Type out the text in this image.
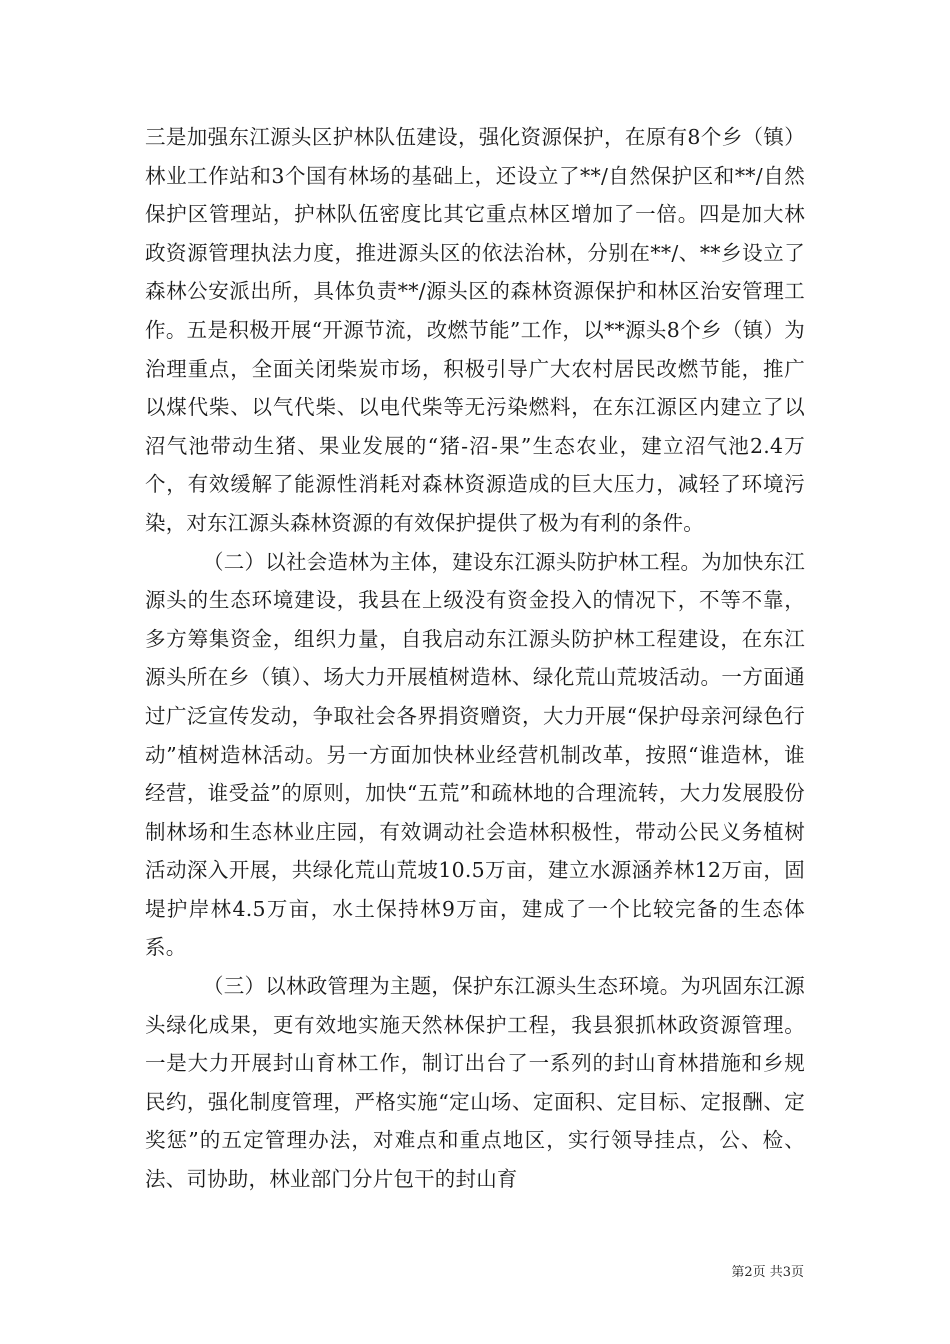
三是加强东江源头区护林队伍建设，强化资源保护，在原有8个乡（镇）林业工作站和3个国有林场的基础上，还设立了**/自然保护区和**/自然保护区管理站，护林队伍密度比其它重点林区增加了一倍。四是加大林政资源管理执法力度，推进源头区的依法治林，分别在**/、**乡设立了森林公安派出所，具体负责**/源头区的森林资源保护和林区治安管理工作。五是积极开展“开源节流，改燃节能”工作，以**源头8个乡（镇）为治理重点，全面关闭柴炭市场，积极引导广大农村居民改燃节能，推广以煤代柴、以气代柴、以电代柴等无污染燃料，在东江源区内建立了以沼气池带动生猪、果业发展的“猪-沼-果”生态农业，建立沼气池2.4万个，有效缓解了能源性消耗对森林资源造成的巨大压力，减轻了环境污染，对东江源头森林资源的有效保护提供了极为有利的条件。

（二）以社会造林为主体，建设东江源头防护林工程。为加快东江源头的生态环境建设，我县在上级没有资金投入的情况下，不等不靠，多方筹集资金，组织力量，自我启动东江源头防护林工程建设，在东江源头所在乡（镇）、场大力开展植树造林、绿化荒山荒坡活动。一方面通过广泛宣传发动，争取社会各界捐资赠资，大力开展“保护母亲河绿色行动”植树造林活动。另一方面加快林业经营机制改革，按照“谁造林，谁经营，谁受益”的原则，加快“五荒”和疏林地的合理流转，大力发展股份制林场和生态林业庄园，有效调动社会造林积极性，带动公民义务植树活动深入开展，共绿化荒山荒坡10.5万亩，建立水源涵养林12万亩，固堤护岸林4.5万亩，水土保持林9万亩，建成了一个比较完备的生态体系。

（三）以林政管理为主题，保护东江源头生态环境。为巩固东江源头绿化成果，更有效地实施天然林保护工程，我县狠抓林政资源管理。一是大力开展封山育林工作，制订出台了一系列的封山育林措施和乡规民约，强化制度管理，严格实施“定山场、定面积、定目标、定报酬、定奖惩”的五定管理办法，对难点和重点地区，实行领导挂点，公、检、法、司协助，林业部门分片包干的封山育

第2页 共3页
